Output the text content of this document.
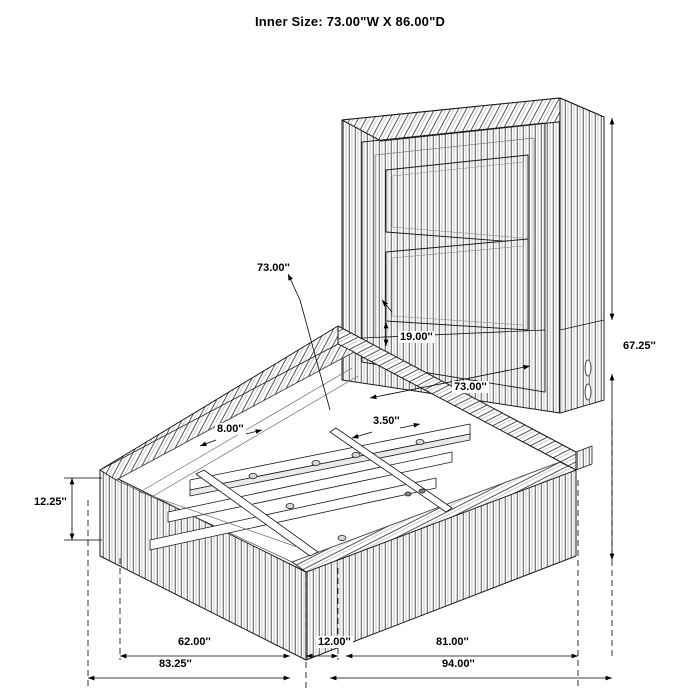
Inner Size: 73.00"W X 86.00"D
73.00''
67.25''
19.00''
73.00''
3.50''
8.00''
12.25''
62.00''
83.25''
12.00''	81.00''
94.00''
